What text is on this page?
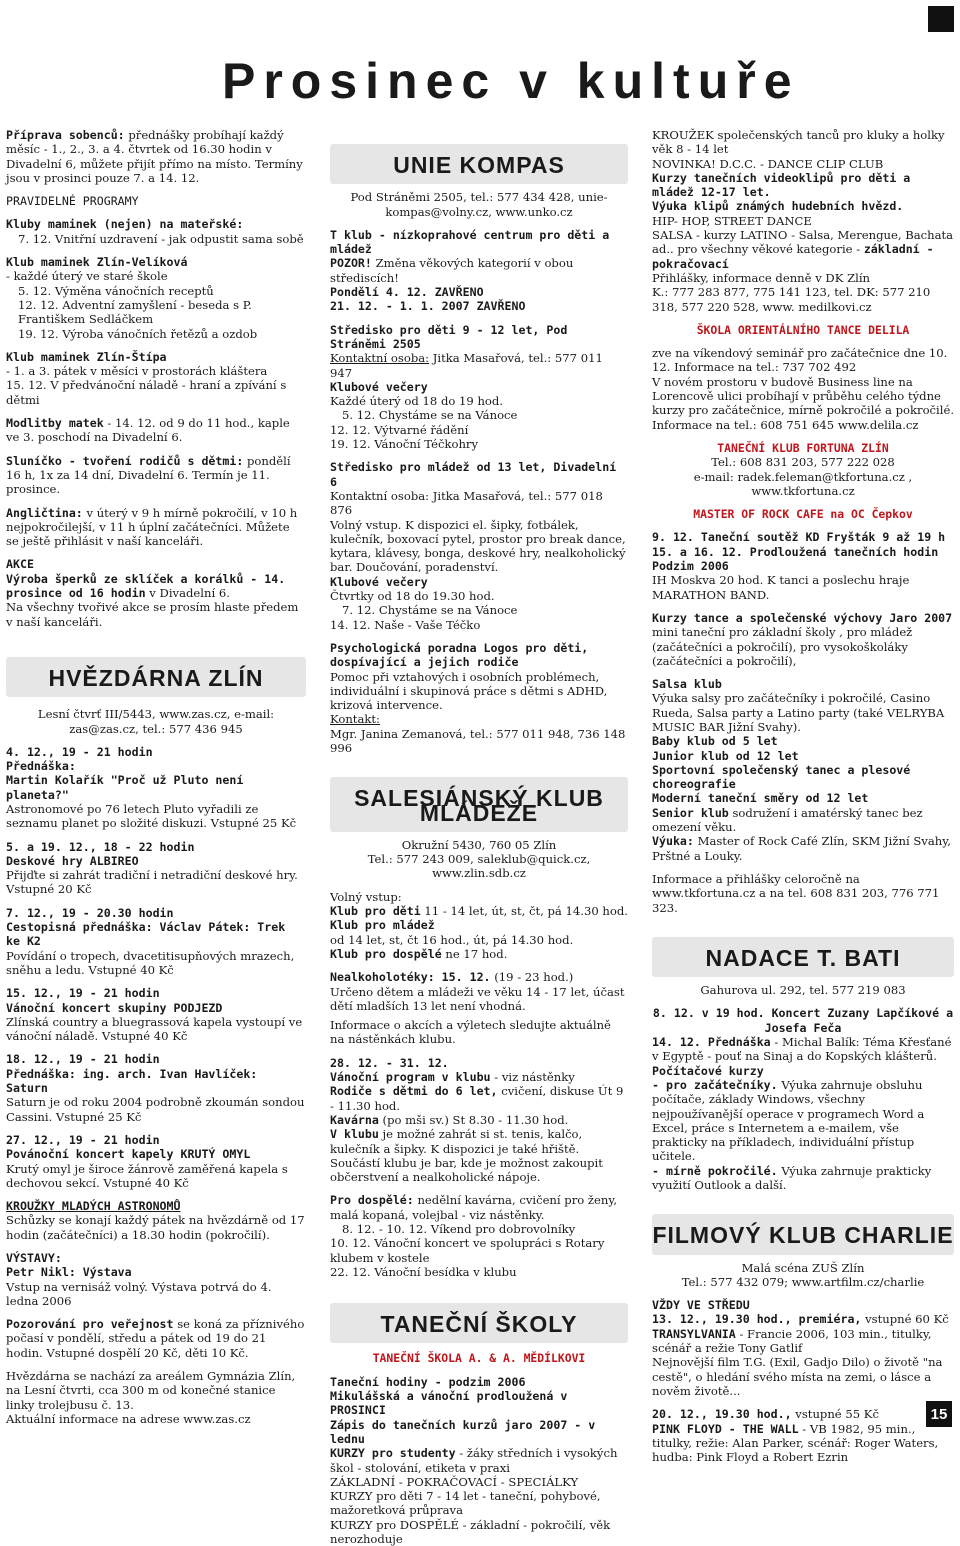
Prosinec v kultuře

Příprava sobenců: přednášky probíhají každý měsíc - 1., 2., 3. a 4. čtvrtek od 16.30 hodin v Divadelní 6, můžete přijít přímo na místo. Termíny jsou v prosinci pouze 7. a 14. 12.

PRAVIDELNÉ PROGRAMY

Kluby maminek (nejen) na mateřské:

7. 12. Vnitřní uzdravení - jak odpustit sama sobě

Klub maminek Zlín-Velíková

- každé úterý ve staré škole

5. 12. Výměna vánočních receptů

12. 12. Adventní zamyšlení - beseda s P. Františkem Sedláčkem

19. 12. Výroba vánočních řetězů a ozdob

Klub maminek Zlín-Štípa

- 1. a 3. pátek v měsíci v prostorách kláštera

15. 12. V předvánoční náladě - hraní a zpívání s dětmi

Modlitby matek - 14. 12. od 9 do 11 hod., kaple ve 3. poschodí na Divadelní 6.

Sluníčko - tvoření rodičů s dětmi: pondělí 16 h, 1x za 14 dní, Divadelní 6. Termín je 11. prosince.

Angličtina: v úterý v 9 h mírně pokročilí, v 10 h nejpokročilejší, v 11 h úplní začátečníci. Můžete se ještě přihlásit v naší kanceláři.

AKCE

Výroba šperků ze sklíček a korálků - 14. prosince od 16 hodin v Divadelní 6.

Na všechny tvořivé akce se prosím hlaste předem v naší kanceláři.

HVĚZDÁRNA ZLÍN

Lesní čtvrť III/5443, www.zas.cz, e-mail: zas@zas.cz, tel.: 577 436 945

4. 12., 19 - 21 hodin

Přednáška:

Martin Kolařík "Proč už Pluto není planeta?"

Astronomové po 76 letech Pluto vyřadili ze seznamu planet po složité diskuzi. Vstupné 25 Kč

5. a 19. 12., 18 - 22 hodin

Deskové hry ALBIREO

Přijďte si zahrát tradiční i netradiční deskové hry. Vstupné 20 Kč

7. 12., 19 - 20.30 hodin

Cestopisná přednáška: Václav Pátek: Trek ke K2

Povídání o tropech, dvacetitisupňových mrazech, sněhu a ledu. Vstupné 40 Kč

15. 12., 19 - 21 hodin

Vánoční koncert skupiny PODJEZD

Zlínská country a bluegrassová kapela vystoupí ve vánoční náladě. Vstupné 40 Kč

18. 12., 19 - 21 hodin

Přednáška: ing. arch. Ivan Havlíček: Saturn

Saturn je od roku 2004 podrobně zkoumán sondou Cassini. Vstupné 25 Kč

27. 12., 19 - 21 hodin

Povánoční koncert kapely KRUTÝ OMYL

Krutý omyl je široce žánrově zaměřená kapela s dechovou sekcí. Vstupné 40 Kč

KROUŽKY MLADÝCH ASTRONOMŮ

Schůzky se konají každý pátek na hvězdárně od 17 hodin (začátečníci) a 18.30 hodin (pokročilí).

VÝSTAVY:

Petr Nikl: Výstava

Vstup na vernisáž volný. Výstava potrvá do 4. ledna 2006

Pozorování pro veřejnost se koná za příznivého počasí v pondělí, středu a pátek od 19 do 21 hodin. Vstupné dospělí 20 Kč, děti 10 Kč.

Hvězdárna se nachází za areálem Gymnázia Zlín, na Lesní čtvrti, cca 300 m od konečné stanice linky trolejbusu č. 13.

Aktuální informace na adrese www.zas.cz

UNIE KOMPAS

Pod Stráněmi 2505, tel.: 577 434 428, unie-kompas@volny.cz, www.unko.cz

T klub - nízkoprahové centrum pro děti a mládež

POZOR! Změna věkových kategorií v obou střediscích!

Pondělí 4. 12. ZAVŘENO

21. 12. - 1. 1. 2007 ZAVŘENO

Středisko pro děti 9 - 12 let, Pod Stráněmi 2505

Kontaktní osoba: Jitka Masařová, tel.: 577 011 947

Klubové večery

Každé úterý od 18 do 19 hod.

5. 12. Chystáme se na Vánoce

12. 12. Výtvarné řádění

19. 12. Vánoční Téčkohry

Středisko pro mládež od 13 let, Divadelní 6

Kontaktní osoba: Jitka Masařová, tel.: 577 018 876

Volný vstup. K dispozici el. šipky, fotbálek, kulečník, boxovací pytel, prostor pro break dance, kytara, klávesy, bonga, deskové hry, nealkoholický bar. Doučování, poradenství.

Klubové večery

Čtvrtky od 18 do 19.30 hod.

7. 12. Chystáme se na Vánoce

14. 12. Naše - Vaše Téčko

Psychologická poradna Logos pro děti, dospívající a jejich rodiče

Pomoc při vztahových i osobních problémech, individuální i skupinová práce s dětmi s ADHD, krizová intervence.

Kontakt:

Mgr. Janina Zemanová, tel.: 577 011 948, 736 148 996

SALESIÁNSKÝ KLUB MLÁDEŽE

Okružní 5430, 760 05 Zlín
Tel.: 577 243 009, saleklub@quick.cz, www.zlin.sdb.cz

Volný vstup:

Klub pro děti 11 - 14 let, út, st, čt, pá 14.30 hod.

Klub pro mládež

od 14 let, st, čt 16 hod., út, pá 14.30 hod.

Klub pro dospělé ne 17 hod.

Nealkoholotéky: 15. 12. (19 - 23 hod.)

Určeno dětem a mládeži ve věku 14 - 17 let, účast dětí mladších 13 let není vhodná.

Informace o akcích a výletech sledujte aktuálně na nástěnkách klubu.

28. 12. - 31. 12.

Vánoční program v klubu - viz nástěnky

Rodiče s dětmi do 6 let, cvičení, diskuse Út 9 - 11.30 hod.

Kavárna (po mši sv.) St 8.30 - 11.30 hod.

V klubu je možné zahrát si st. tenis, kalčo, kulečník a šipky. K dispozici je také hřiště. Součástí klubu je bar, kde je možnost zakoupit občerstvení a nealkoholické nápoje.

Pro dospělé: nedělní kavárna, cvičení pro ženy, malá kopaná, volejbal - viz nástěnky.

8. 12. - 10. 12. Víkend pro dobrovolníky

10. 12. Vánoční koncert ve spolupráci s Rotary klubem v kostele

22. 12. Vánoční besídka v klubu

TANEČNÍ ŠKOLY

TANEČNÍ ŠKOLA A. & A. MĚDÍLKOVI

Taneční hodiny - podzim 2006

Mikulášská a vánoční prodloužená v PROSINCI

Zápis do tanečních kurzů jaro 2007 - v lednu

KURZY pro studenty - žáky středních i vysokých škol - stolování, etiketa v praxi

ZÁKLADNÍ - POKRAČOVACÍ - SPECIÁLKY

KURZY pro děti 7 - 14 let - taneční, pohybové, mažoretková průprava

KURZY pro DOSPĚLÉ - základní - pokročilí, věk nerozhoduje

KROUŽEK společenských tanců pro kluky a holky věk 8 - 14 let

NOVINKA! D.C.C. - DANCE CLIP CLUB

Kurzy tanečních videoklipů pro děti a mládež 12-17 let.

Výuka klipů známých hudebních hvězd.

HIP- HOP, STREET DANCE

SALSA - kurzy LATINO - Salsa, Merengue, Bachata ad.. pro všechny věkové kategorie - základní - pokračovací

Přihlášky, informace denně v DK Zlín

K.: 777 283 877, 775 141 123, tel. DK: 577 210 318, 577 220 528, www. medilkovi.cz

ŠKOLA ORIENTÁLNÍHO TANCE DELILA

zve na víkendový seminář pro začátečnice dne 10. 12. Informace na tel.: 737 702 492
V novém prostoru v budově Business line na Lorencově ulici probíhají v průběhu celého týdne kurzy pro začátečnice, mírně pokročilé a pokročilé.
Informace na tel.: 608 751 645 www.delila.cz

TANEČNÍ KLUB FORTUNA ZLÍN

Tel.: 608 831 203, 577 222 028

e-mail: radek.feleman@tkfortuna.cz , www.tkfortuna.cz

MASTER OF ROCK CAFE na OC Čepkov

9. 12. Taneční soutěž KD Fryšták 9 až 19 h

15. a 16. 12. Prodloužená tanečních hodin Podzim 2006

IH Moskva 20 hod. K tanci a poslechu hraje MARATHON BAND.

Kurzy tance a společenské výchovy Jaro 2007

mini taneční pro základní školy , pro mládež (začátečníci a pokročilí), pro vysokoškoláky (začátečníci a pokročilí),

Salsa klub

Výuka salsy pro začátečníky i pokročilé, Casino Rueda, Salsa party a Latino party (také VELRYBA MUSIC BAR Jižní Svahy).

Baby klub od 5 let

Junior klub od 12 let

Sportovní společenský tanec a plesové choreografie

Moderní taneční směry od 12 let

Senior klub sodružení i amatérský tanec bez omezení věku.

Výuka: Master of Rock Café Zlín, SKM Jižní Svahy, Prštné a Louky.

Informace a přihlášky celoročně na www.tkfortuna.cz a na tel. 608 831 203, 776 771 323.

NADACE T. BATI

Gahurova ul. 292, tel. 577 219 083

8. 12. v 19 hod. Koncert Zuzany Lapčíkové a Josefa Feča

14. 12. Přednáška - Michal Balík: Téma Křesťané v Egyptě - pouť na Sinaj a do Kopských klášterů.

Počítačové kurzy

- pro začátečníky. Výuka zahrnuje obsluhu počítače, základy Windows, všechny nejpoužívanější operace v programech Word a Excel, práce s Internetem a e-mailem, vše prakticky na příkladech, individuální přístup učitele.

- mírně pokročilé. Výuka zahrnuje prakticky využití Outlook a další.

FILMOVÝ KLUB CHARLIE

Malá scéna ZUŠ Zlín
Tel.: 577 432 079; www.artfilm.cz/charlie

VŽDY VE STŘEDU

13. 12., 19.30 hod., premiéra, vstupné 60 Kč

TRANSYLVANIA - Francie 2006, 103 min., titulky, scénář a režie Tony Gatlif

Nejnovější film T.G. (Exil, Gadjo Dilo) o životě "na cestě", o hledání svého místa na zemi, o lásce a nověm životě...

20. 12., 19.30 hod., vstupné 55 Kč

PINK FLOYD - THE WALL - VB 1982, 95 min., titulky, režie: Alan Parker, scénář: Roger Waters, hudba: Pink Floyd a Robert Ezrin

15
